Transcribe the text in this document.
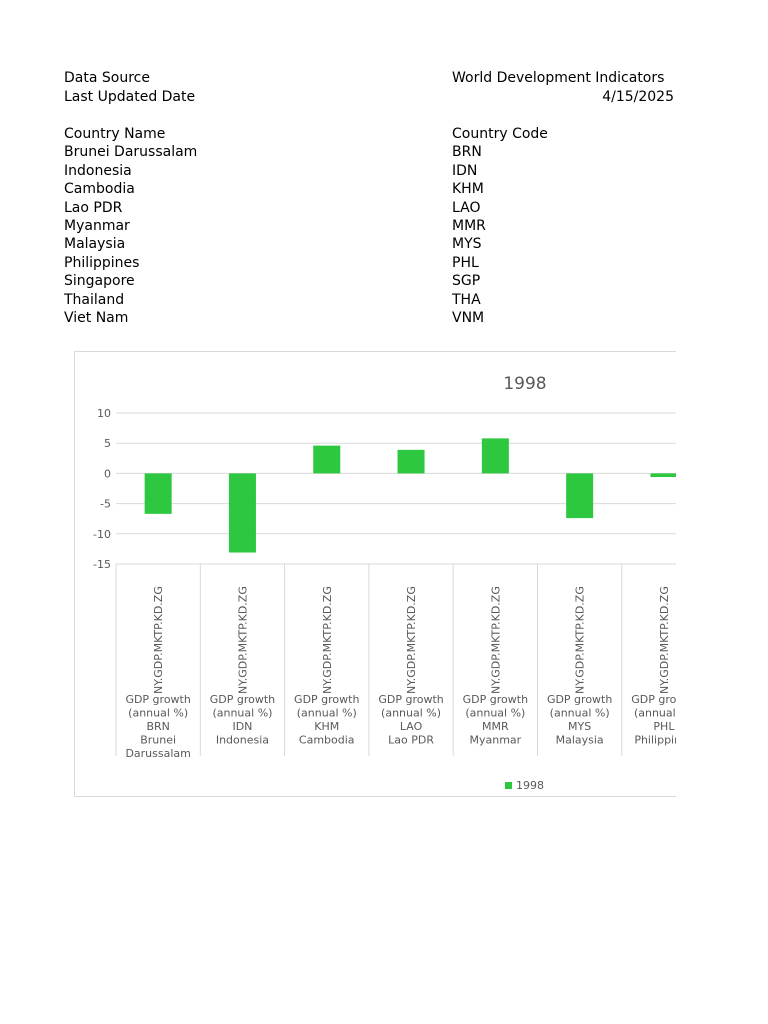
Data Source	World Development Indicators
Last Updated Date	4/15/2025
Country Name	Country Code
Brunei Darussalam	BRN
Indonesia	IDN
Cambodia	KHM
Lao PDR	LAO
Myanmar	MMR
Malaysia	MYS
Philippines	PHL
Singapore	SGP
Thailand	THA
Viet Nam	VNM
1998
10
5
0
-5
-10
-15
NY.GDP.MKTP.KD.ZG
GDP growth
(annual %)
BRN
Brunei
Darussalam
NY.GDP.MKTP.KD.ZG
GDP growth
(annual %)
IDN
Indonesia
NY.GDP.MKTP.KD.ZG
GDP growth
(annual %)
KHM
Cambodia
NY.GDP.MKTP.KD.ZG
GDP growth
(annual %)
LAO
Lao PDR
NY.GDP.MKTP.KD.ZG
GDP growth
(annual %)
MMR
Myanmar
NY.GDP.MKTP.KD.ZG
GDP growth
(annual %)
MYS
Malaysia
NY.GDP.MKTP.KD.ZG
GDP growth
(annual %)
PHL
Philippines
1998
